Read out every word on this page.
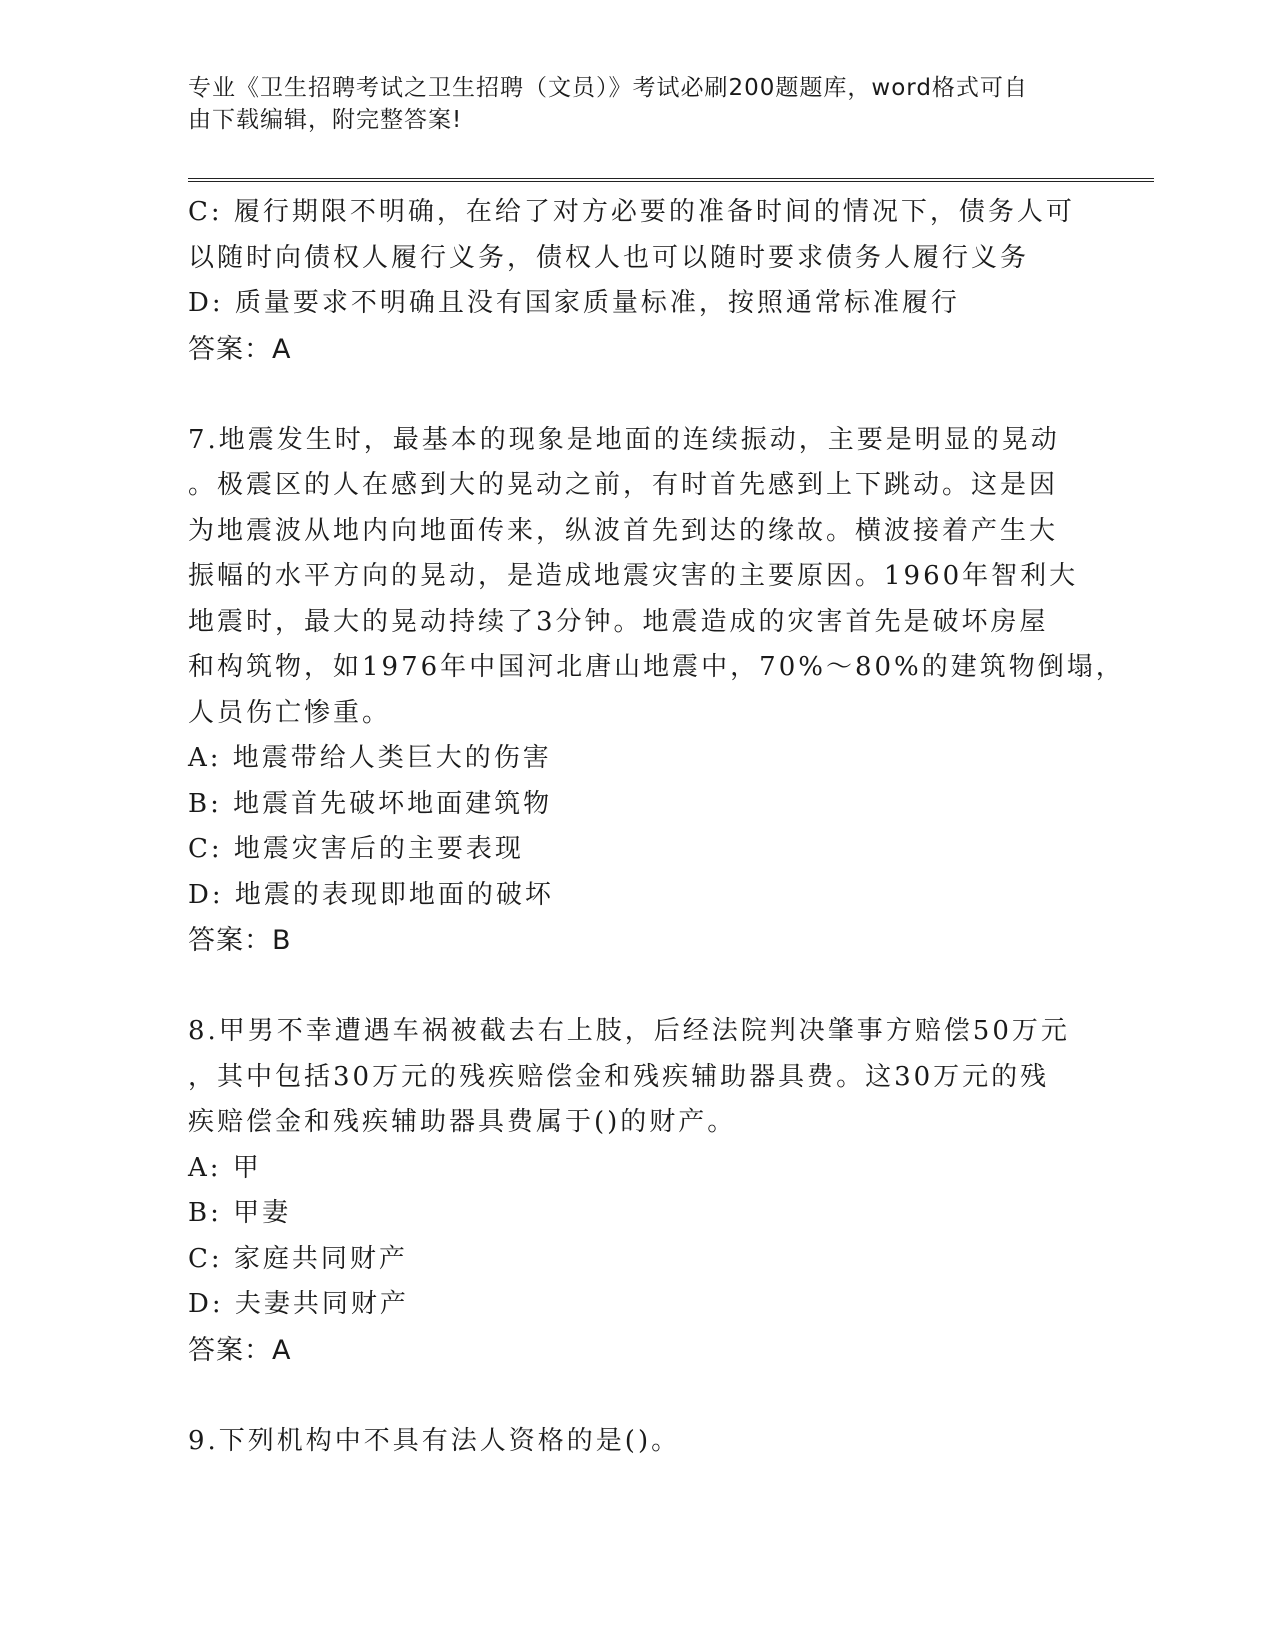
专业《卫生招聘考试之卫生招聘（文员）》考试必刷200题题库，word格式可自
由下载编辑，附完整答案!
C: 履行期限不明确，在给了对方必要的准备时间的情况下，债务人可
以随时向债权人履行义务，债权人也可以随时要求债务人履行义务
D: 质量要求不明确且没有国家质量标准，按照通常标准履行
答案：A
7.地震发生时，最基本的现象是地面的连续振动，主要是明显的晃动
。极震区的人在感到大的晃动之前，有时首先感到上下跳动。这是因
为地震波从地内向地面传来，纵波首先到达的缘故。横波接着产生大
振幅的水平方向的晃动，是造成地震灾害的主要原因。1960年智利大
地震时，最大的晃动持续了3分钟。地震造成的灾害首先是破坏房屋
和构筑物，如1976年中国河北唐山地震中，70%～80%的建筑物倒塌，
人员伤亡惨重。
A: 地震带给人类巨大的伤害
B: 地震首先破坏地面建筑物
C: 地震灾害后的主要表现
D: 地震的表现即地面的破坏
答案：B
8.甲男不幸遭遇车祸被截去右上肢，后经法院判决肇事方赔偿50万元
，其中包括30万元的残疾赔偿金和残疾辅助器具费。这30万元的残
疾赔偿金和残疾辅助器具费属于()的财产。
A: 甲
B: 甲妻
C: 家庭共同财产
D: 夫妻共同财产
答案：A
9.下列机构中不具有法人资格的是()。
